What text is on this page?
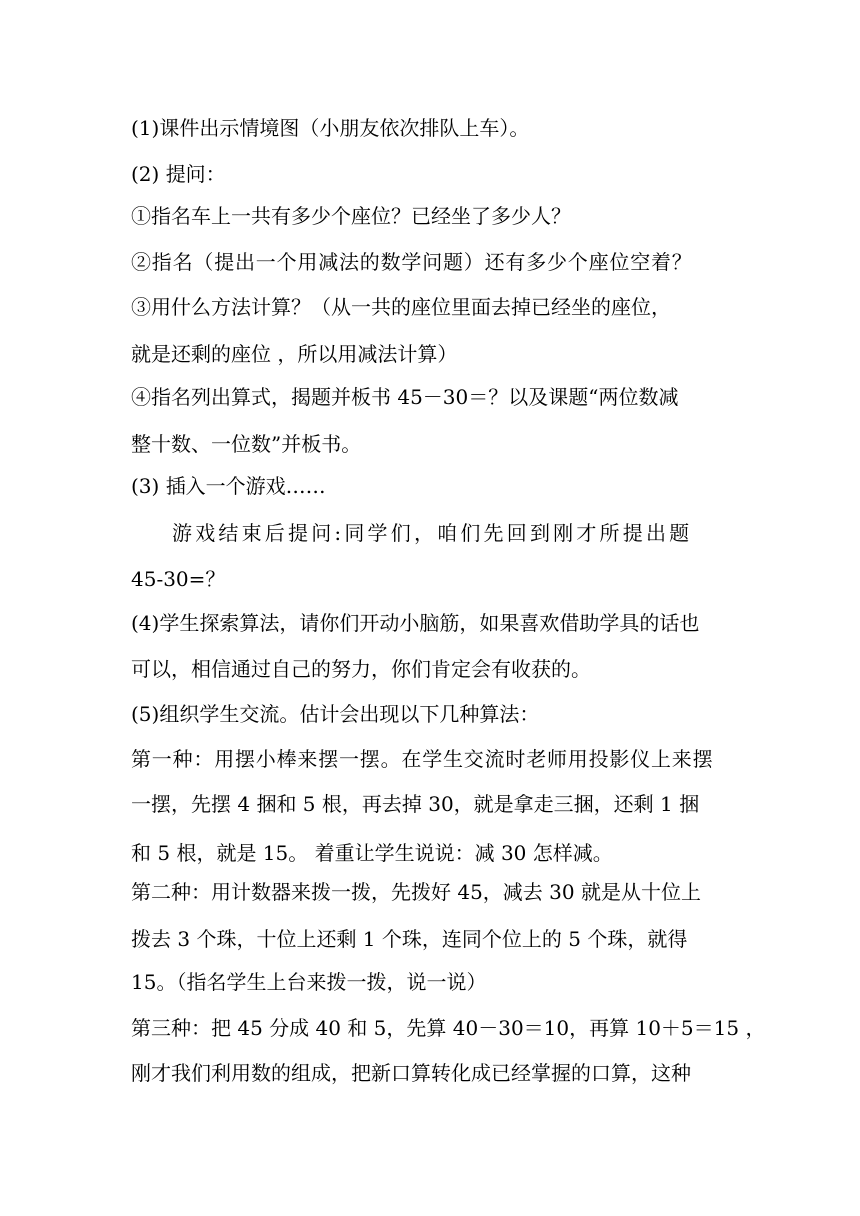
(1)课件出示情境图（小朋友依次排队上车）。
(2) 提问：
①指名车上一共有多少个座位？已经坐了多少人？
②指名（提出一个用减法的数学问题）还有多少个座位空着？
③用什么方法计算？（从一共的座位里面去掉已经坐的座位，
就是还剩的座位 ，所以用减法计算）
④指名列出算式，揭题并板书 45－30＝？以及课题“两位数减
整十数、一位数”并板书。
(3) 插入一个游戏……
游戏结束后提问:同学们，咱们先回到刚才所提出题
45-30=？
(4)学生探索算法，请你们开动小脑筋，如果喜欢借助学具的话也
可以，相信通过自己的努力，你们肯定会有收获的。
(5)组织学生交流。估计会出现以下几种算法：
第一种：用摆小棒来摆一摆。在学生交流时老师用投影仪上来摆
一摆，先摆 4 捆和 5 根，再去掉 30，就是拿走三捆，还剩 1 捆
和 5 根，就是 15。 着重让学生说说：减 30 怎样减。
第二种：用计数器来拨一拨，先拨好 45，减去 30 就是从十位上
拨去 3 个珠，十位上还剩 1 个珠，连同个位上的 5 个珠，就得
15。（指名学生上台来拨一拨，说一说）
第三种：把 45 分成 40 和 5，先算 40－30＝10，再算 10＋5＝15 ，
刚才我们利用数的组成，把新口算转化成已经掌握的口算，这种
